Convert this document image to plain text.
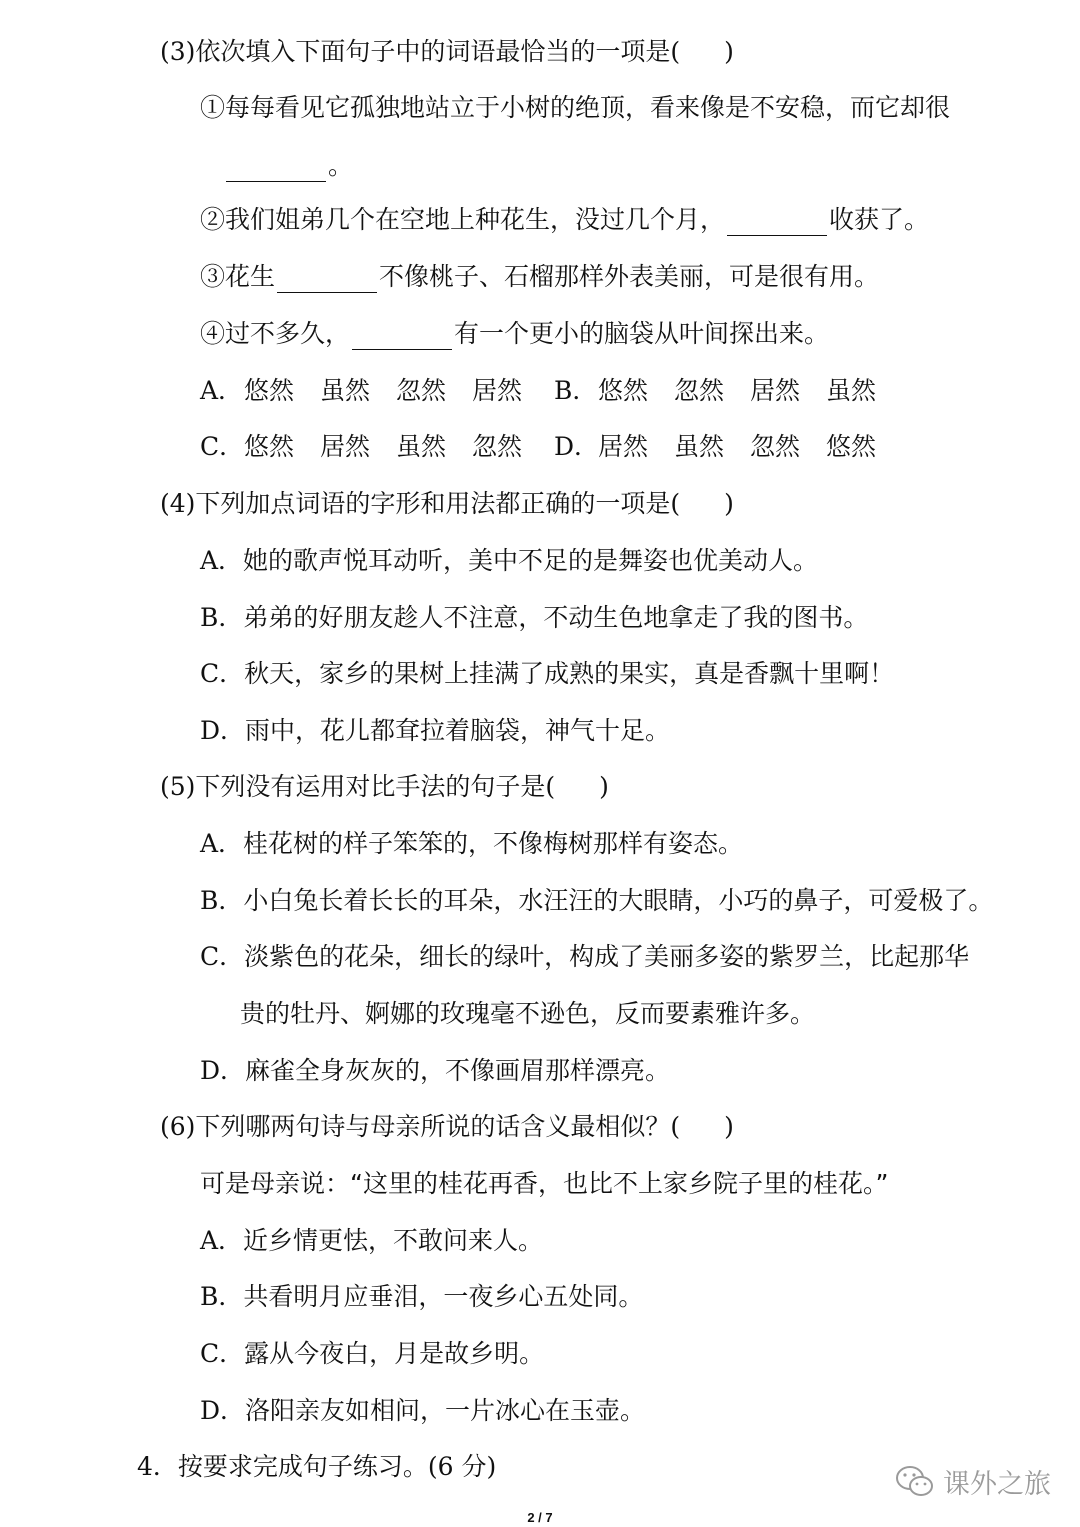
(3)依次填入下面句子中的词语最恰当的一项是( )
①每每看见它孤独地站立于小树的绝顶，看来像是不安稳，而它却很
。
②我们姐弟几个在空地上种花生，没过几个月，	收获了。
③花生	不像桃子、石榴那样外表美丽，可是很有用。
④过不多久，	有一个更小的脑袋从叶间探出来。
A．悠然 虽然 忽然 居然 B．悠然 忽然 居然 虽然
C．悠然 居然 虽然 忽然 D．居然 虽然 忽然 悠然
(4)下列加点词语的字形和用法都正确的一项是( )
A．她的歌声悦耳动听，美中不足的是舞姿也优美动人。
B．弟弟的好朋友趁人不注意，不动生色地拿走了我的图书。
C．秋天，家乡的果树上挂满了成熟的果实，真是香飘十里啊！
D．雨中，花儿都耷拉着脑袋，神气十足。
(5)下列没有运用对比手法的句子是( )
A．桂花树的样子笨笨的，不像梅树那样有姿态。
B．小白兔长着长长的耳朵，水汪汪的大眼睛，小巧的鼻子，可爱极了。
C．淡紫色的花朵，细长的绿叶，构成了美丽多姿的紫罗兰，比起那华
贵的牡丹、婀娜的玫瑰毫不逊色，反而要素雅许多。
D．麻雀全身灰灰的，不像画眉那样漂亮。
(6)下列哪两句诗与母亲所说的话含义最相似？( )
可是母亲说：“这里的桂花再香，也比不上家乡院子里的桂花。”
A．近乡情更怯，不敢问来人。
B．共看明月应垂泪，一夜乡心五处同。
C．露从今夜白，月是故乡明。
D．洛阳亲友如相问，一片冰心在玉壶。
4．按要求完成句子练习。(6 分)
课外之旅
2 / 7
